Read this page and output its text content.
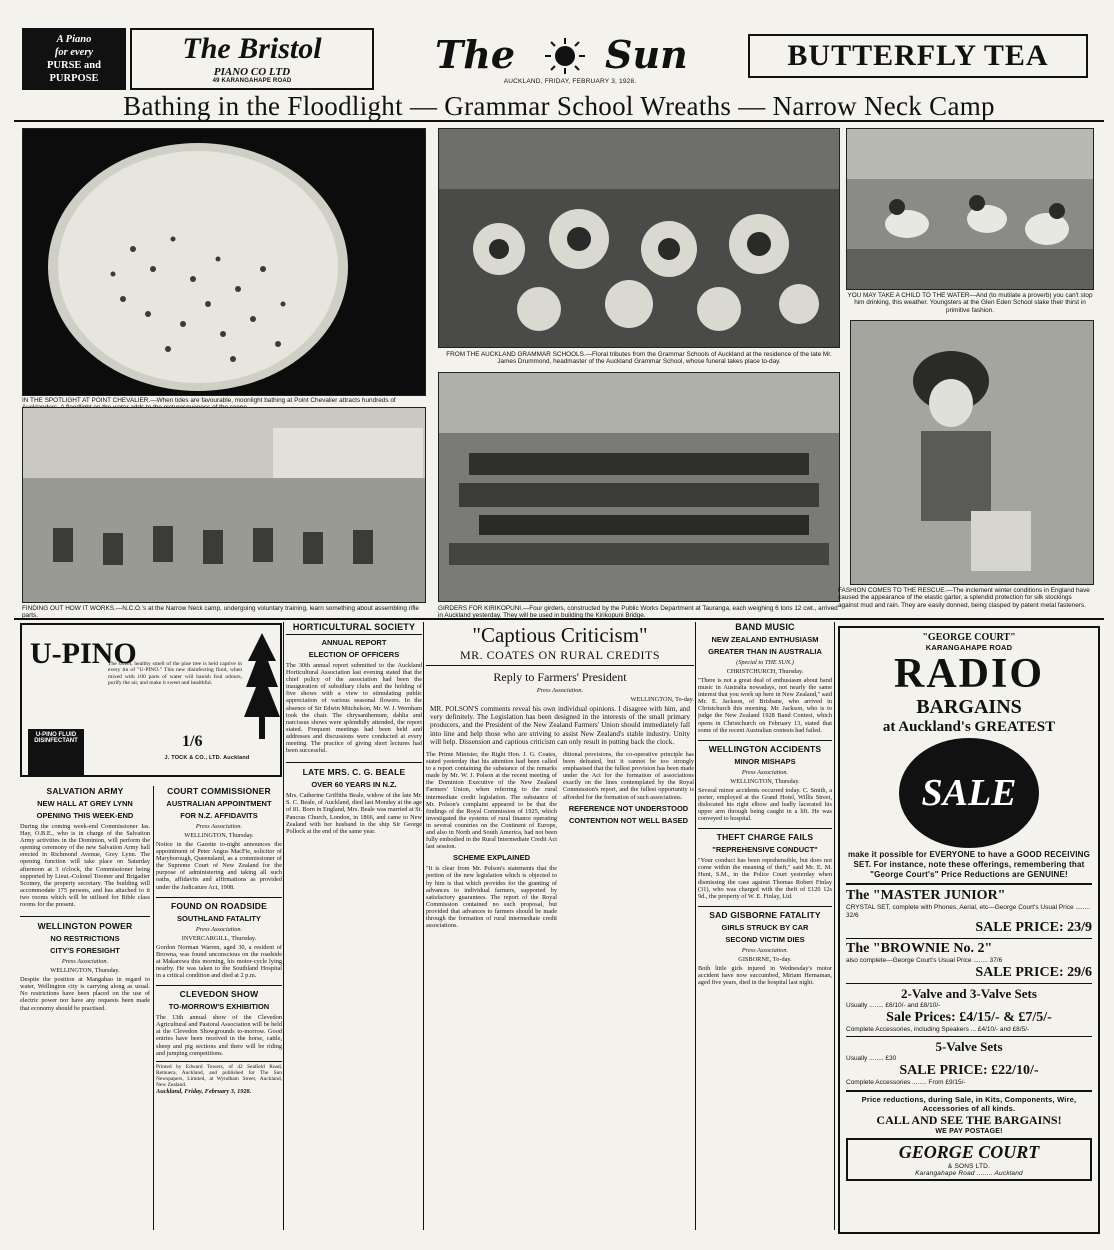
A Piano
for every
PURSE and
PURPOSE
The Bristol
PIANO CO LTD
49 KARANGAHAPE ROAD
The Sun
AUCKLAND, FRIDAY, FEBRUARY 3, 1928.
BUTTERFLY TEA
Bathing in the Floodlight — Grammar School Wreaths — Narrow Neck Camp
IN THE SPOTLIGHT AT POINT CHEVALIER.—When tides are favourable, moonlight bathing at Point Chevalier attracts hundreds of
FROM THE AUCKLAND GRAMMAR SCHOOLS.—Floral tributes from the Grammar Schools of Auckland at the residence of the late Mr. James Drummond, headmaster of the Auckland Grammar School, whose funeral takes place to-day.
YOU MAY TAKE A CHILD TO THE WATER—And (to mutilate a proverb) you can't stop him drinking, this weather. Youngsters at the Glen Eden School slake their thirst in primitive fashion.
FINDING OUT HOW IT WORKS.—N.C.O.'s at the Narrow Neck camp, undergoing voluntary training, learn something about assembling rifle parts.
GIRDERS FOR KIRIKOPUNI.—Four girders, constructed by the Public Works Department at Tauranga, each weighing 6 tons 12 cwt., arrived in Auckland yesterday. They will be used in building the Kirikopuni Bridge.
FASHION COMES TO THE RESCUE.—The inclement winter conditions in England have caused the appearance of the elastic garter, a splendid protection for silk stockings against mud and rain. They are easily donned, being clasped by patent metal fasteners.
U-PINO
The sweet, healthy smell of the pine tree is held captive in every tin of "U-PINO." This new disinfecting fluid, when mixed with 100 parts of water will banish foul odours, purify the air, and make it sweet and healthful.
U-PINO FLUID DISINFECTANT	1/6
J. TOCK & CO., LTD. Auckland
HORTICULTURAL SOCIETY
ANNUAL REPORT
ELECTION OF OFFICERS
The 30th annual report submitted to the Auckland Horticultural Association last evening stated that the chief policy of the association had been the inauguration of subsidiary clubs and the holding of five shows with a view to stimulating public appreciation of various seasonal flowers. In the absence of Sir Edwin Mitchelson, Mr. W. J. Wernham took the chair. The chrysanthemum, dahlia and narcissus shows were splendidly attended, the report stated. Frequent meetings had been held and addresses and discussions were conducted at every meeting. The practice of giving short lectures had been successful.
LATE MRS. C. G. BEALE
OVER 60 YEARS IN N.Z.
Mrs. Catherine Griffiths Beale, widow of the late Mr. S. C. Beale, of Auckland, died last Monday at the age of 81. Born in England, Mrs. Beale was married at St. Pancras Church, London, in 1866, and came to New Zealand with her husband in the ship Sir George Pollock at the end of the same year.
"Captious Criticism"
MR. COATES ON RURAL CREDITS
Reply to Farmers' President
Press Association.
WELLINGTON, To-day.
MR. POLSON'S comments reveal his own individual opinions. I disagree with him, and very definitely. The Legislation has been designed in the interests of the small primary producers, and the President of the New Zealand Farmers' Union should immediately fall into line and help those who are striving to assist New Zealand's stable industry. Unity will help. Dissension and captious criticism can only result in putting back the clock.
The Prime Minister, the Right Hon. J. G. Coates, stated yesterday that his attention had been called to a report containing the substance of the remarks made by Mr. W. J. Polson at the recent meeting of the Dominion Executive of the New Zealand Farmers' Union, when referring to the rural intermediate credit legislation. The substance of Mr. Polson's complaint appeared to be that the findings of the Royal Commission of 1925, which investigated the systems of rural finance operating in several countries on the Continent of Europe, and also in North and South America, had not been fully embodied in the Rural Intermediate Credit Act last session.
SCHEME EXPLAINED
"It is clear from Mr. Polson's statements that the portion of the new legislation which is objected to by him is that which provides for the granting of advances to individual farmers, supported by satisfactory guarantees. The report of the Royal Commission contained no such proposal, but provided that advances to farmers should be made through the formation of rural intermediate credit associations.
ditional provisions, the co-operative principle has been defeated, but it cannot be too strongly emphasised that the fullest provision has been made under the Act for the formation of associations exactly on the lines contemplated by the Royal Commission's report, and the fullest opportunity is afforded for the formation of such associations.
REFERENCE NOT UNDERSTOOD
CONTENTION NOT WELL BASED
BAND MUSIC
NEW ZEALAND ENTHUSIASM
GREATER THAN IN AUSTRALIA
(Special to THE SUN.)
CHRISTCHURCH, Thursday.
"There is not a great deal of enthusiasm about band music in Australia nowadays, not nearly the same interest that you work up here in New Zealand," said Mr. E. Jackson, of Brisbane, who arrived in Christchurch this morning. Mr. Jackson, who is to judge the New Zealand 1928 Band Contest, which opens in Christchurch on February 13, stated that some of the recent Australian contests had failed.
WELLINGTON ACCIDENTS
MINOR MISHAPS
Press Association.
WELLINGTON, Thursday.
Several minor accidents occurred today. C. Smith, a porter, employed at the Grand Hotel, Willis Street, dislocated his right elbow and badly lacerated his upper arm through being caught in a lift. He was conveyed to hospital.
THEFT CHARGE FAILS
"REPREHENSIVE CONDUCT"
"Your conduct has been reprehensible, but does not come within the meaning of theft," said Mr. E. M. Hunt, S.M., in the Police Court yesterday when dismissing the case against Thomas Robert Finlay (31), who was charged with the theft of £120 12s 9d., the property of W. E. Finlay, Ltd.
SAD GISBORNE FATALITY
GIRLS STRUCK BY CAR
SECOND VICTIM DIES
Press Association.
GISBORNE, To-day.
Both little girls injured in Wednesday's motor accident have now succumbed, Miriam Hernaman, aged five years, died in the hospital last night.
"GEORGE COURT"
KARANGAHAPE ROAD
RADIO
BARGAINS
at Auckland's GREATEST
SALE
make it possible for EVERYONE to have a GOOD RECEIVING SET. For instance, note these offerings, remembering that "George Court's" Price Reductions are GENUINE!
The "MASTER JUNIOR"
CRYSTAL SET, complete with Phones, Aerial, etc—George Court's Usual Price ........ 32/6
SALE PRICE: 23/9
The "BROWNIE No. 2"
also complete—George Court's Usual Price ........ 37/6
SALE PRICE: 29/6
2-Valve and 3-Valve Sets
Usually ........ £6/10/- and £8/10/-
Sale Prices: £4/15/- & £7/5/-
Complete Accessories, including Speakers ... £4/10/- and £8/5/-
5-Valve Sets
Usually ........ £30
SALE PRICE: £22/10/-
Complete Accessories ........ From £9/15/-
Price reductions, during Sale, in Kits, Components, Wire, Accessories of all kinds.
CALL AND SEE THE BARGAINS!
WE PAY POSTAGE!
GEORGE COURT
& SONS LTD.
Karangahape Road ........ Auckland
SALVATION ARMY
NEW HALL AT GREY LYNN
OPENING THIS WEEK-END
During the coming week-end Commissioner Jas. Hay, O.B.E., who is in charge of the Salvation Army activities in the Dominion, will perform the opening ceremony of the new Salvation Army hall erected in Richmond Avenue, Grey Lynn. The opening function will take place on Saturday afternoon at 3 o'clock, the Commissioner being supported by Lieut.-Colonel Toomer and Brigadier Scotney, the property secretary. The building will accommodate 175 persons, and has attached to it two rooms which will be utilised for Bible class rooms for the present.
WELLINGTON POWER
NO RESTRICTIONS
CITY'S FORESIGHT
Press Association.
WELLINGTON, Thursday.
Despite the position at Mangahao in regard to water, Wellington city is carrying along as usual. No restrictions have been placed on the use of electric power nor have any requests been made that economy should be practised.
COURT COMMISSIONER
AUSTRALIAN APPOINTMENT
FOR N.Z. AFFIDAVITS
Press Association.
WELLINGTON, Thursday.
Notice in the Gazette to-night announces the appointment of Peter Angus MacFie, solicitor of Maryborough, Queensland, as a commissioner of the Supreme Court of New Zealand for the purpose of administering and taking all such oaths, affidavits and affirmations as provided under the Judicature Act, 1908.
FOUND ON ROADSIDE
SOUTHLAND FATALITY
Press Association.
INVERCARGILL, Thursday.
Gordon Norman Warren, aged 30, a resident of Browna, was found unconscious on the roadside at Makarewa this morning, his motor-cycle lying nearby. He was taken to the Southland Hospital in a critical condition and died at 2 p.m.
CLEVEDON SHOW
TO-MORROW'S EXHIBITION
The 13th annual show of the Clevedon Agricultural and Pastoral Association will be held at the Clevedon Showgrounds to-morrow. Good entries have been received in the horse, cattle, sheep and pig sections and there will be riding and jumping competitions.
Printed by Edward Towers, of 42 Seafield Road, Remuera, Auckland, and published for The Sun Newspapers, Limited, at Wyndham Street, Auckland, New Zealand.
Auckland, Friday, February 3, 1928.
